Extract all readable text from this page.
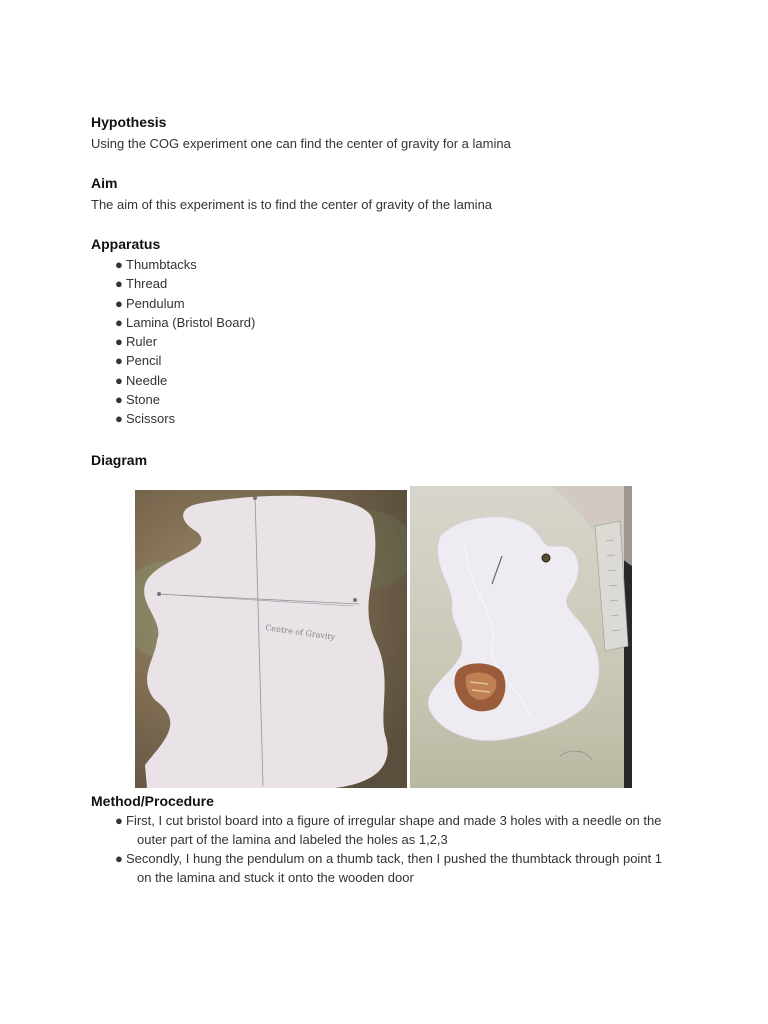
Hypothesis

Using the COG experiment one can find the center of gravity for a lamina

Aim

The aim of this experiment is to find the center of gravity of the lamina

Apparatus
● Thumbtacks
● Thread
● Pendulum
● Lamina (Bristol Board)
● Ruler
● Pencil
● Needle
● Stone
● Scissors
Diagram
Centre of Gravity
Method/Procedure
● First, I cut bristol board into a figure of irregular shape and made 3 holes with a needle on the outer part of the lamina and labeled the holes as 1,2,3
● Secondly, I hung the pendulum on a thumb tack, then I pushed the thumbtack through point 1 on the lamina and stuck it onto the wooden door
